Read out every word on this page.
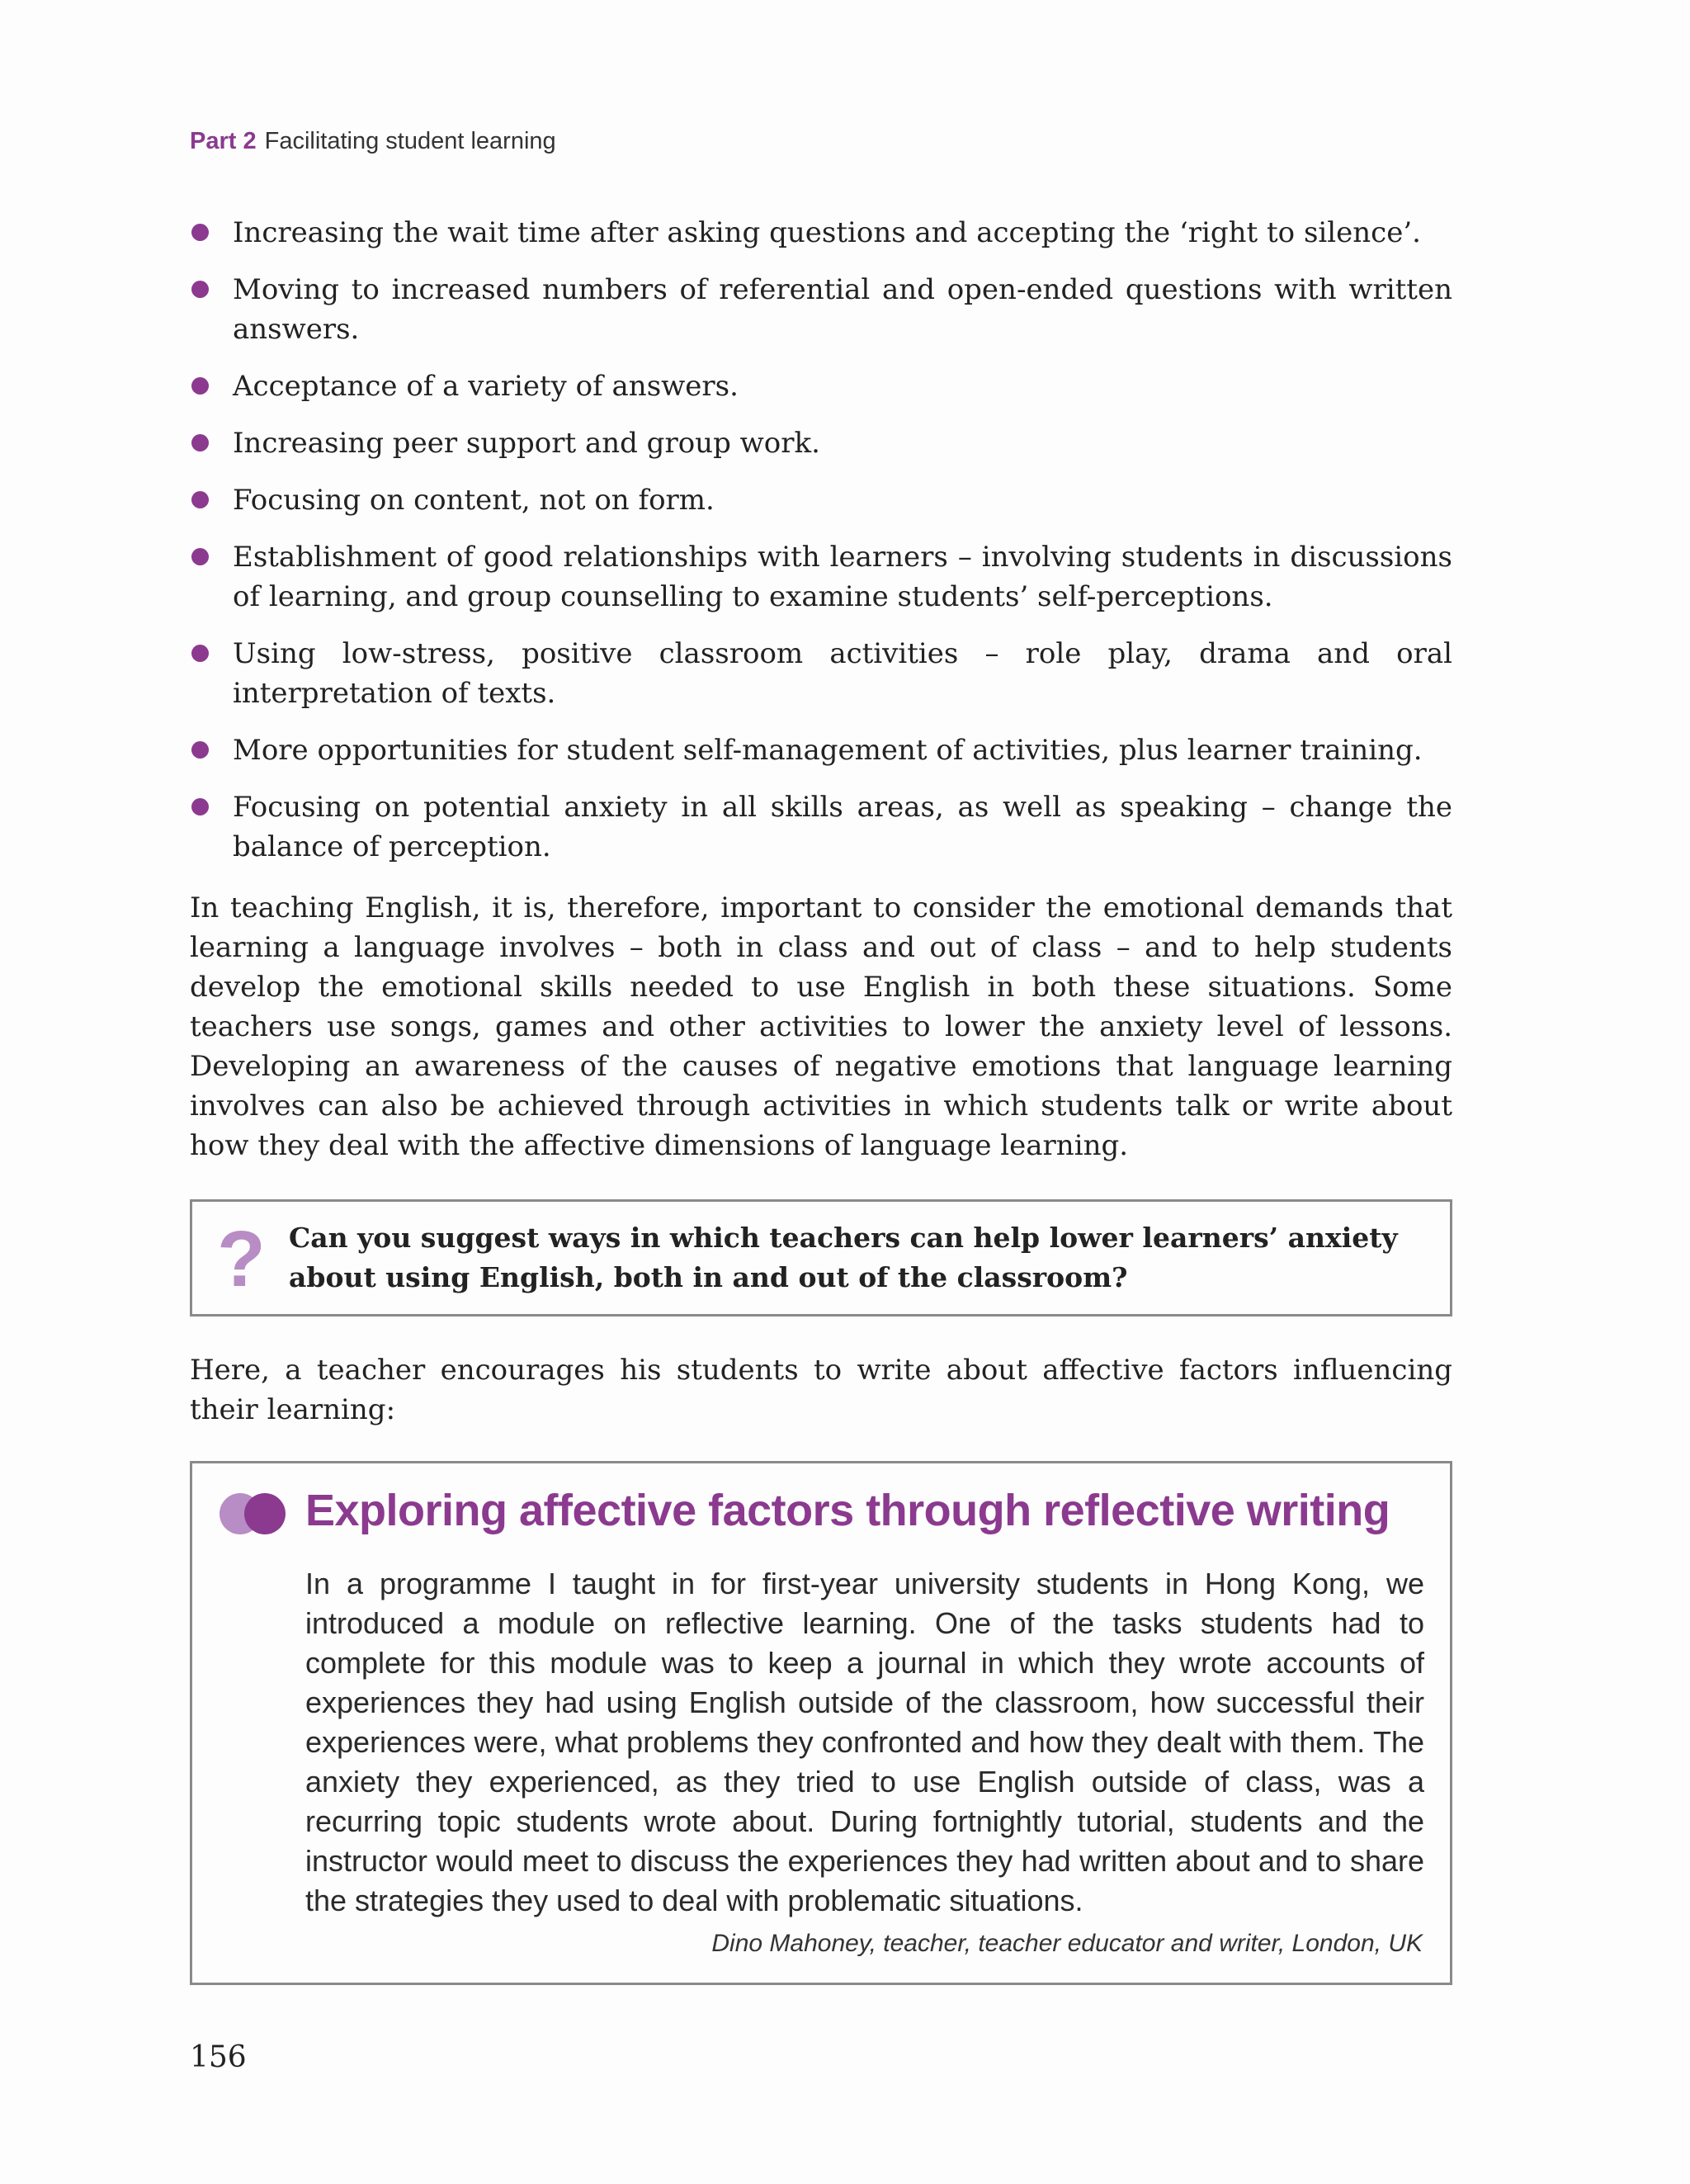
Part 2 Facilitating student learning
Increasing the wait time after asking questions and accepting the ‘right to silence’.
Moving to increased numbers of referential and open-ended questions with written answers.
Acceptance of a variety of answers.
Increasing peer support and group work.
Focusing on content, not on form.
Establishment of good relationships with learners – involving students in discussions of learning, and group counselling to examine students’ self-perceptions.
Using low-stress, positive classroom activities – role play, drama and oral interpretation of texts.
More opportunities for student self-management of activities, plus learner training.
Focusing on potential anxiety in all skills areas, as well as speaking – change the balance of perception.

In teaching English, it is, therefore, important to consider the emotional demands that learning a language involves – both in class and out of class – and to help students develop the emotional skills needed to use English in both these situations. Some teachers use songs, games and other activities to lower the anxiety level of lessons. Developing an awareness of the causes of negative emotions that language learning involves can also be achieved through activities in which students talk or write about how they deal with the affective dimensions of language learning.

? Can you suggest ways in which teachers can help lower learners’ anxiety about using English, both in and out of the classroom?

Here, a teacher encourages his students to write about affective factors influencing their learning:

Exploring affective factors through reflective writing

In a programme I taught in for first-year university students in Hong Kong, we introduced a module on reflective learning. One of the tasks students had to complete for this module was to keep a journal in which they wrote accounts of experiences they had using English outside of the classroom, how successful their experiences were, what problems they confronted and how they dealt with them. The anxiety they experienced, as they tried to use English outside of class, was a recurring topic students wrote about. During fortnightly tutorial, students and the instructor would meet to discuss the experiences they had written about and to share the strategies they used to deal with problematic situations.

Dino Mahoney, teacher, teacher educator and writer, London, UK
156
